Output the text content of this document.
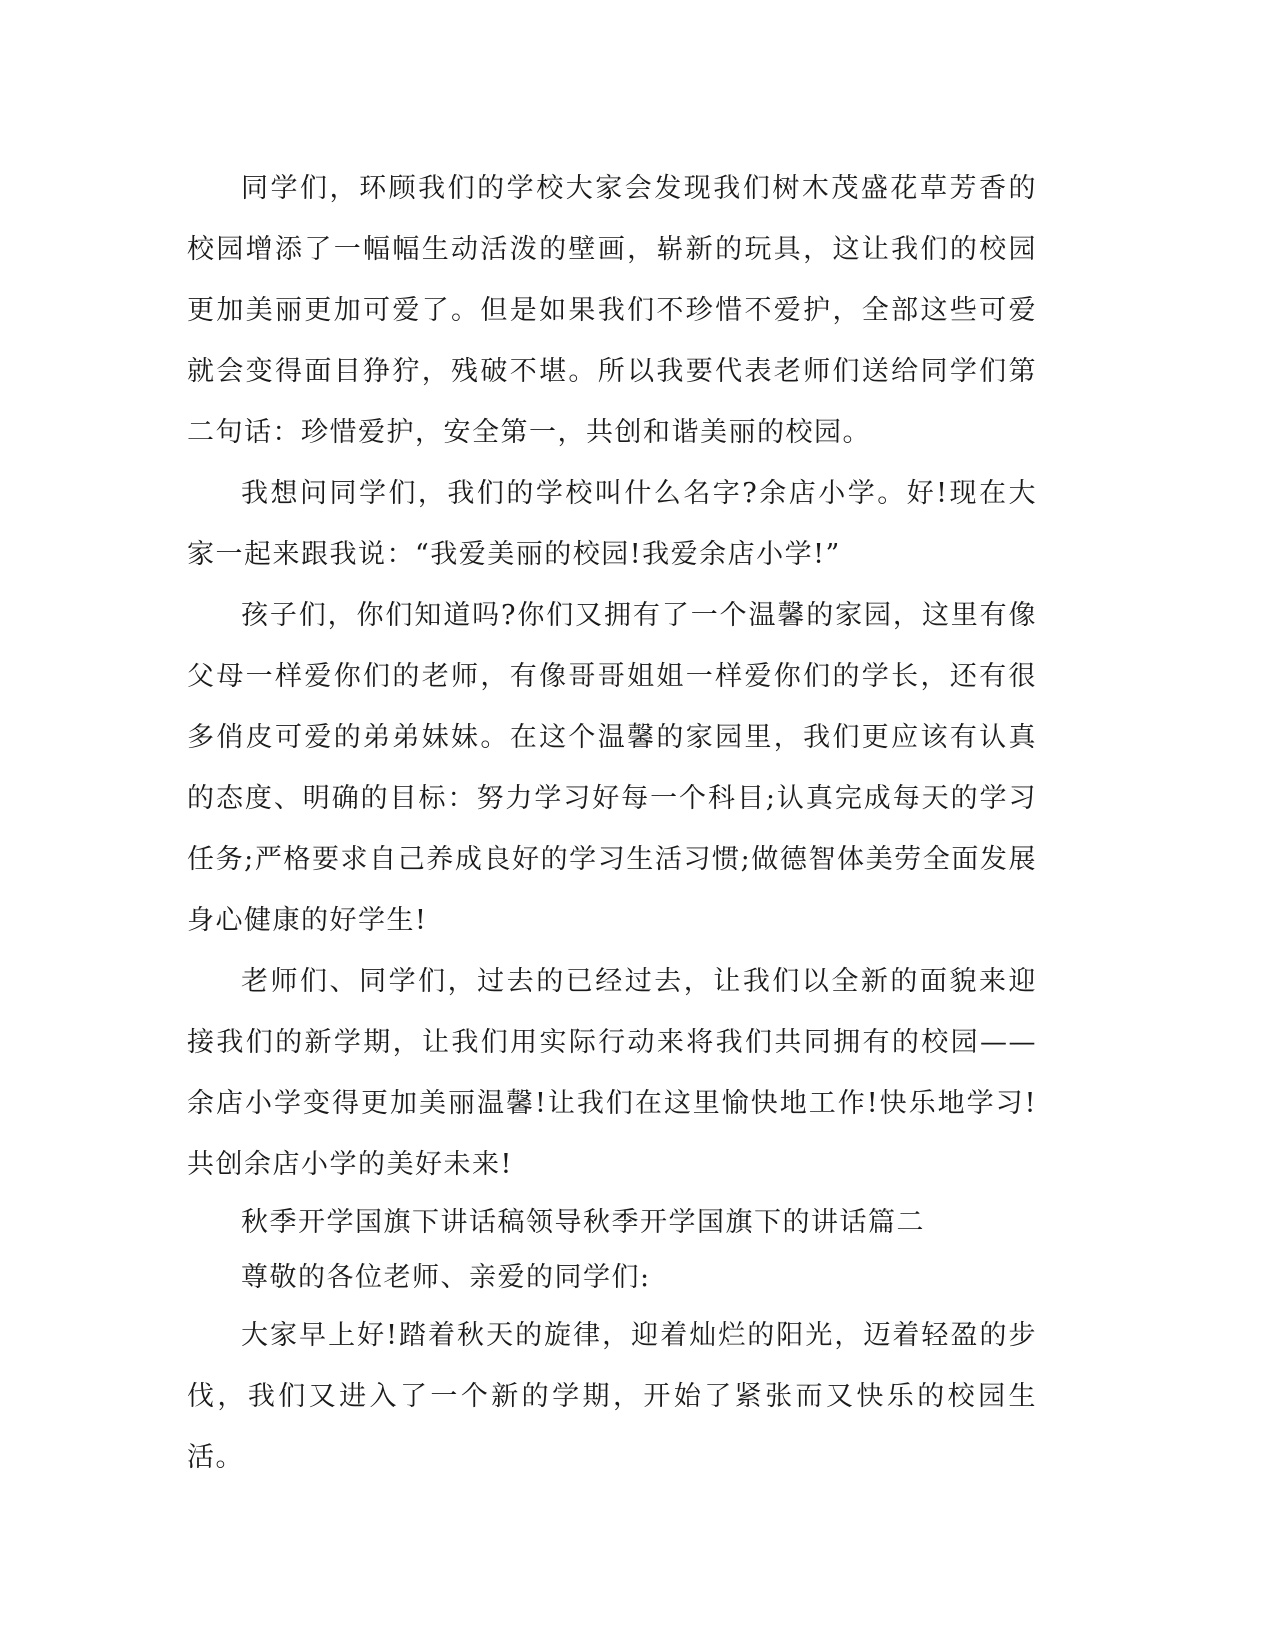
同学们，环顾我们的学校大家会发现我们树木茂盛花草芳香的校园增添了一幅幅生动活泼的壁画，崭新的玩具，这让我们的校园更加美丽更加可爱了。但是如果我们不珍惜不爱护，全部这些可爱就会变得面目狰狞，残破不堪。所以我要代表老师们送给同学们第二句话：珍惜爱护，安全第一，共创和谐美丽的校园。

我想问同学们，我们的学校叫什么名字?余店小学。好!现在大家一起来跟我说：“我爱美丽的校园!我爱余店小学!”

孩子们，你们知道吗?你们又拥有了一个温馨的家园，这里有像父母一样爱你们的老师，有像哥哥姐姐一样爱你们的学长，还有很多俏皮可爱的弟弟妹妹。在这个温馨的家园里，我们更应该有认真的态度、明确的目标：努力学习好每一个科目;认真完成每天的学习任务;严格要求自己养成良好的学习生活习惯;做德智体美劳全面发展身心健康的好学生!

老师们、同学们，过去的已经过去，让我们以全新的面貌来迎接我们的新学期，让我们用实际行动来将我们共同拥有的校园——余店小学变得更加美丽温馨!让我们在这里愉快地工作!快乐地学习!共创余店小学的美好未来!

秋季开学国旗下讲话稿领导秋季开学国旗下的讲话篇二

尊敬的各位老师、亲爱的同学们:

大家早上好!踏着秋天的旋律，迎着灿烂的阳光，迈着轻盈的步伐，我们又进入了一个新的学期，开始了紧张而又快乐的校园生活。
